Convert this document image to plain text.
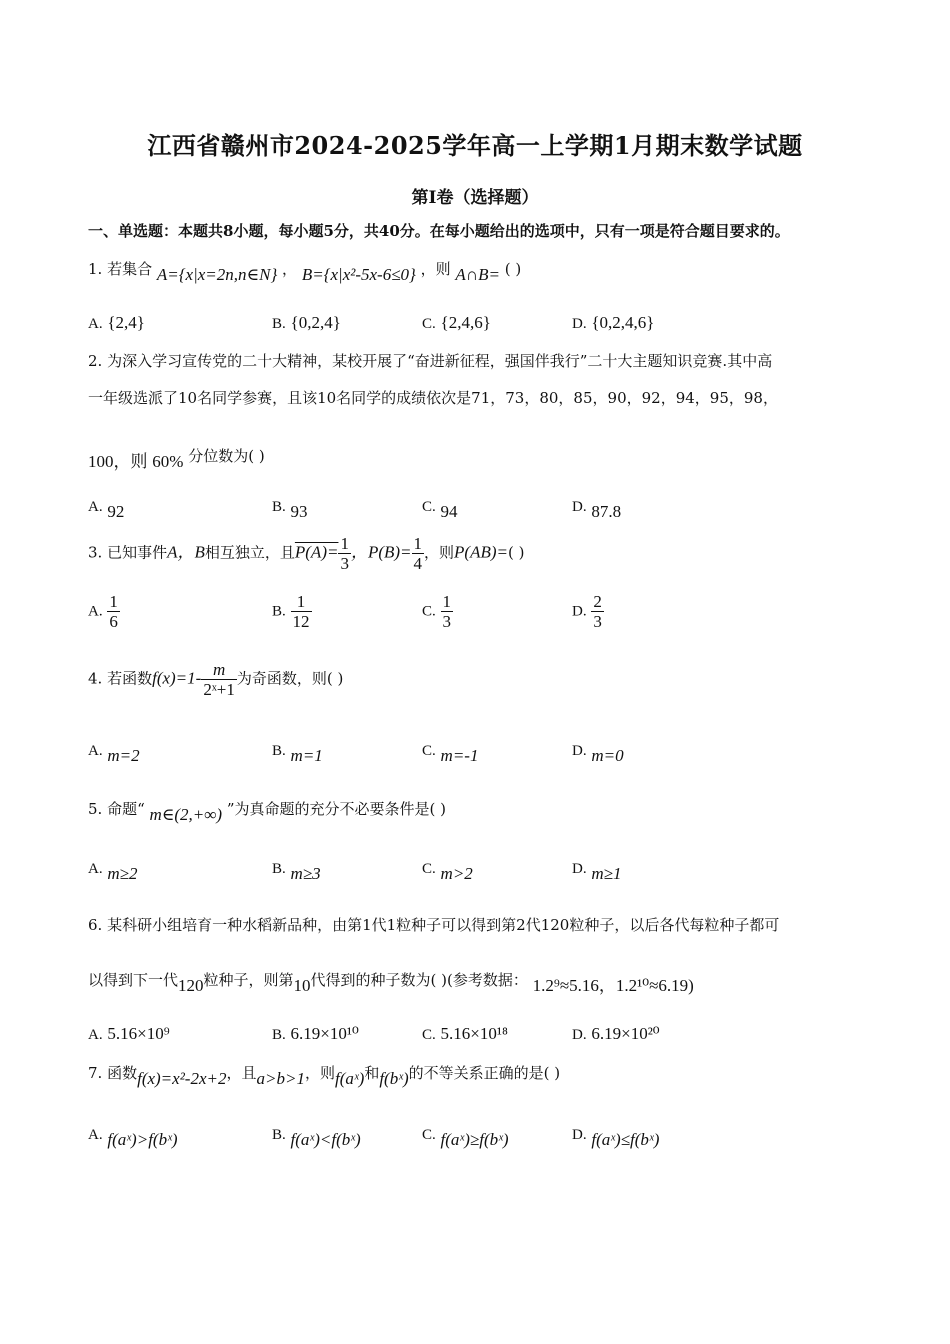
江西省赣州市2024-2025学年高一上学期1月期末数学试题
第I卷（选择题）
一、单选题：本题共8小题，每小题5分，共40分。在每小题给出的选项中，只有一项是符合题目要求的。
1. 若集合 A={x|x=2n,n∈N} ， B={x|x²-5x-6≤0} ，则 A∩B= ( )
A. {2,4}	B. {0,2,4}	C. {2,4,6}	D. {0,2,4,6}
2. 为深入学习宣传党的二十大精神，某校开展了“奋进新征程，强国伴我行”二十大主题知识竞赛.其中高
一年级选派了10名同学参赛，且该10名同学的成绩依次是71，73，80，85，90，92，94，95，98，
100，则 60% 分位数为( )
A. 92	B. 93	C. 94	D. 87.8
3. 已知事件A，B相互独立，且$P(A)= \frac{1}{3}$ ，$P(B)= \frac{1}{4}$ ，则P(AB)=( )
A. $\frac{1}{6}$	B. $\frac{1}{12}$	C. $\frac{1}{3}$	D. $\frac{2}{3}$
4. 若函数$f(x)=1- \frac{m}{\text{2ˣ+1}}$ 为奇函数，则( )
A. m=2	B. m=1	C. m=-1	D. m=0
5. 命题“ m∈(2,+∞) ”为真命题的充分不必要条件是( )
A. m≥2	B. m≥3	C. m>2	D. m≥1
6. 某科研小组培育一种水稻新品种，由第1代1粒种子可以得到第2代120粒种子，以后各代每粒种子都可
以得到下一代120粒种子，则第10代得到的种子数为( )(参考数据： 1.2⁹≈5.16，1.2¹⁰≈6.19)
A. 5.16×10⁹	B. 6.19×10¹⁰	C. 5.16×10¹⁸	D. 6.19×10²⁰
7. 函数f(x)=x²-2x+2，且a>b>1，则f(aˣ)和f(bˣ)的不等关系正确的是( )
A. f(aˣ)>f(bˣ)	B. f(aˣ)<f(bˣ)	C. f(aˣ)≥f(bˣ)	D. f(aˣ)≤f(bˣ)
